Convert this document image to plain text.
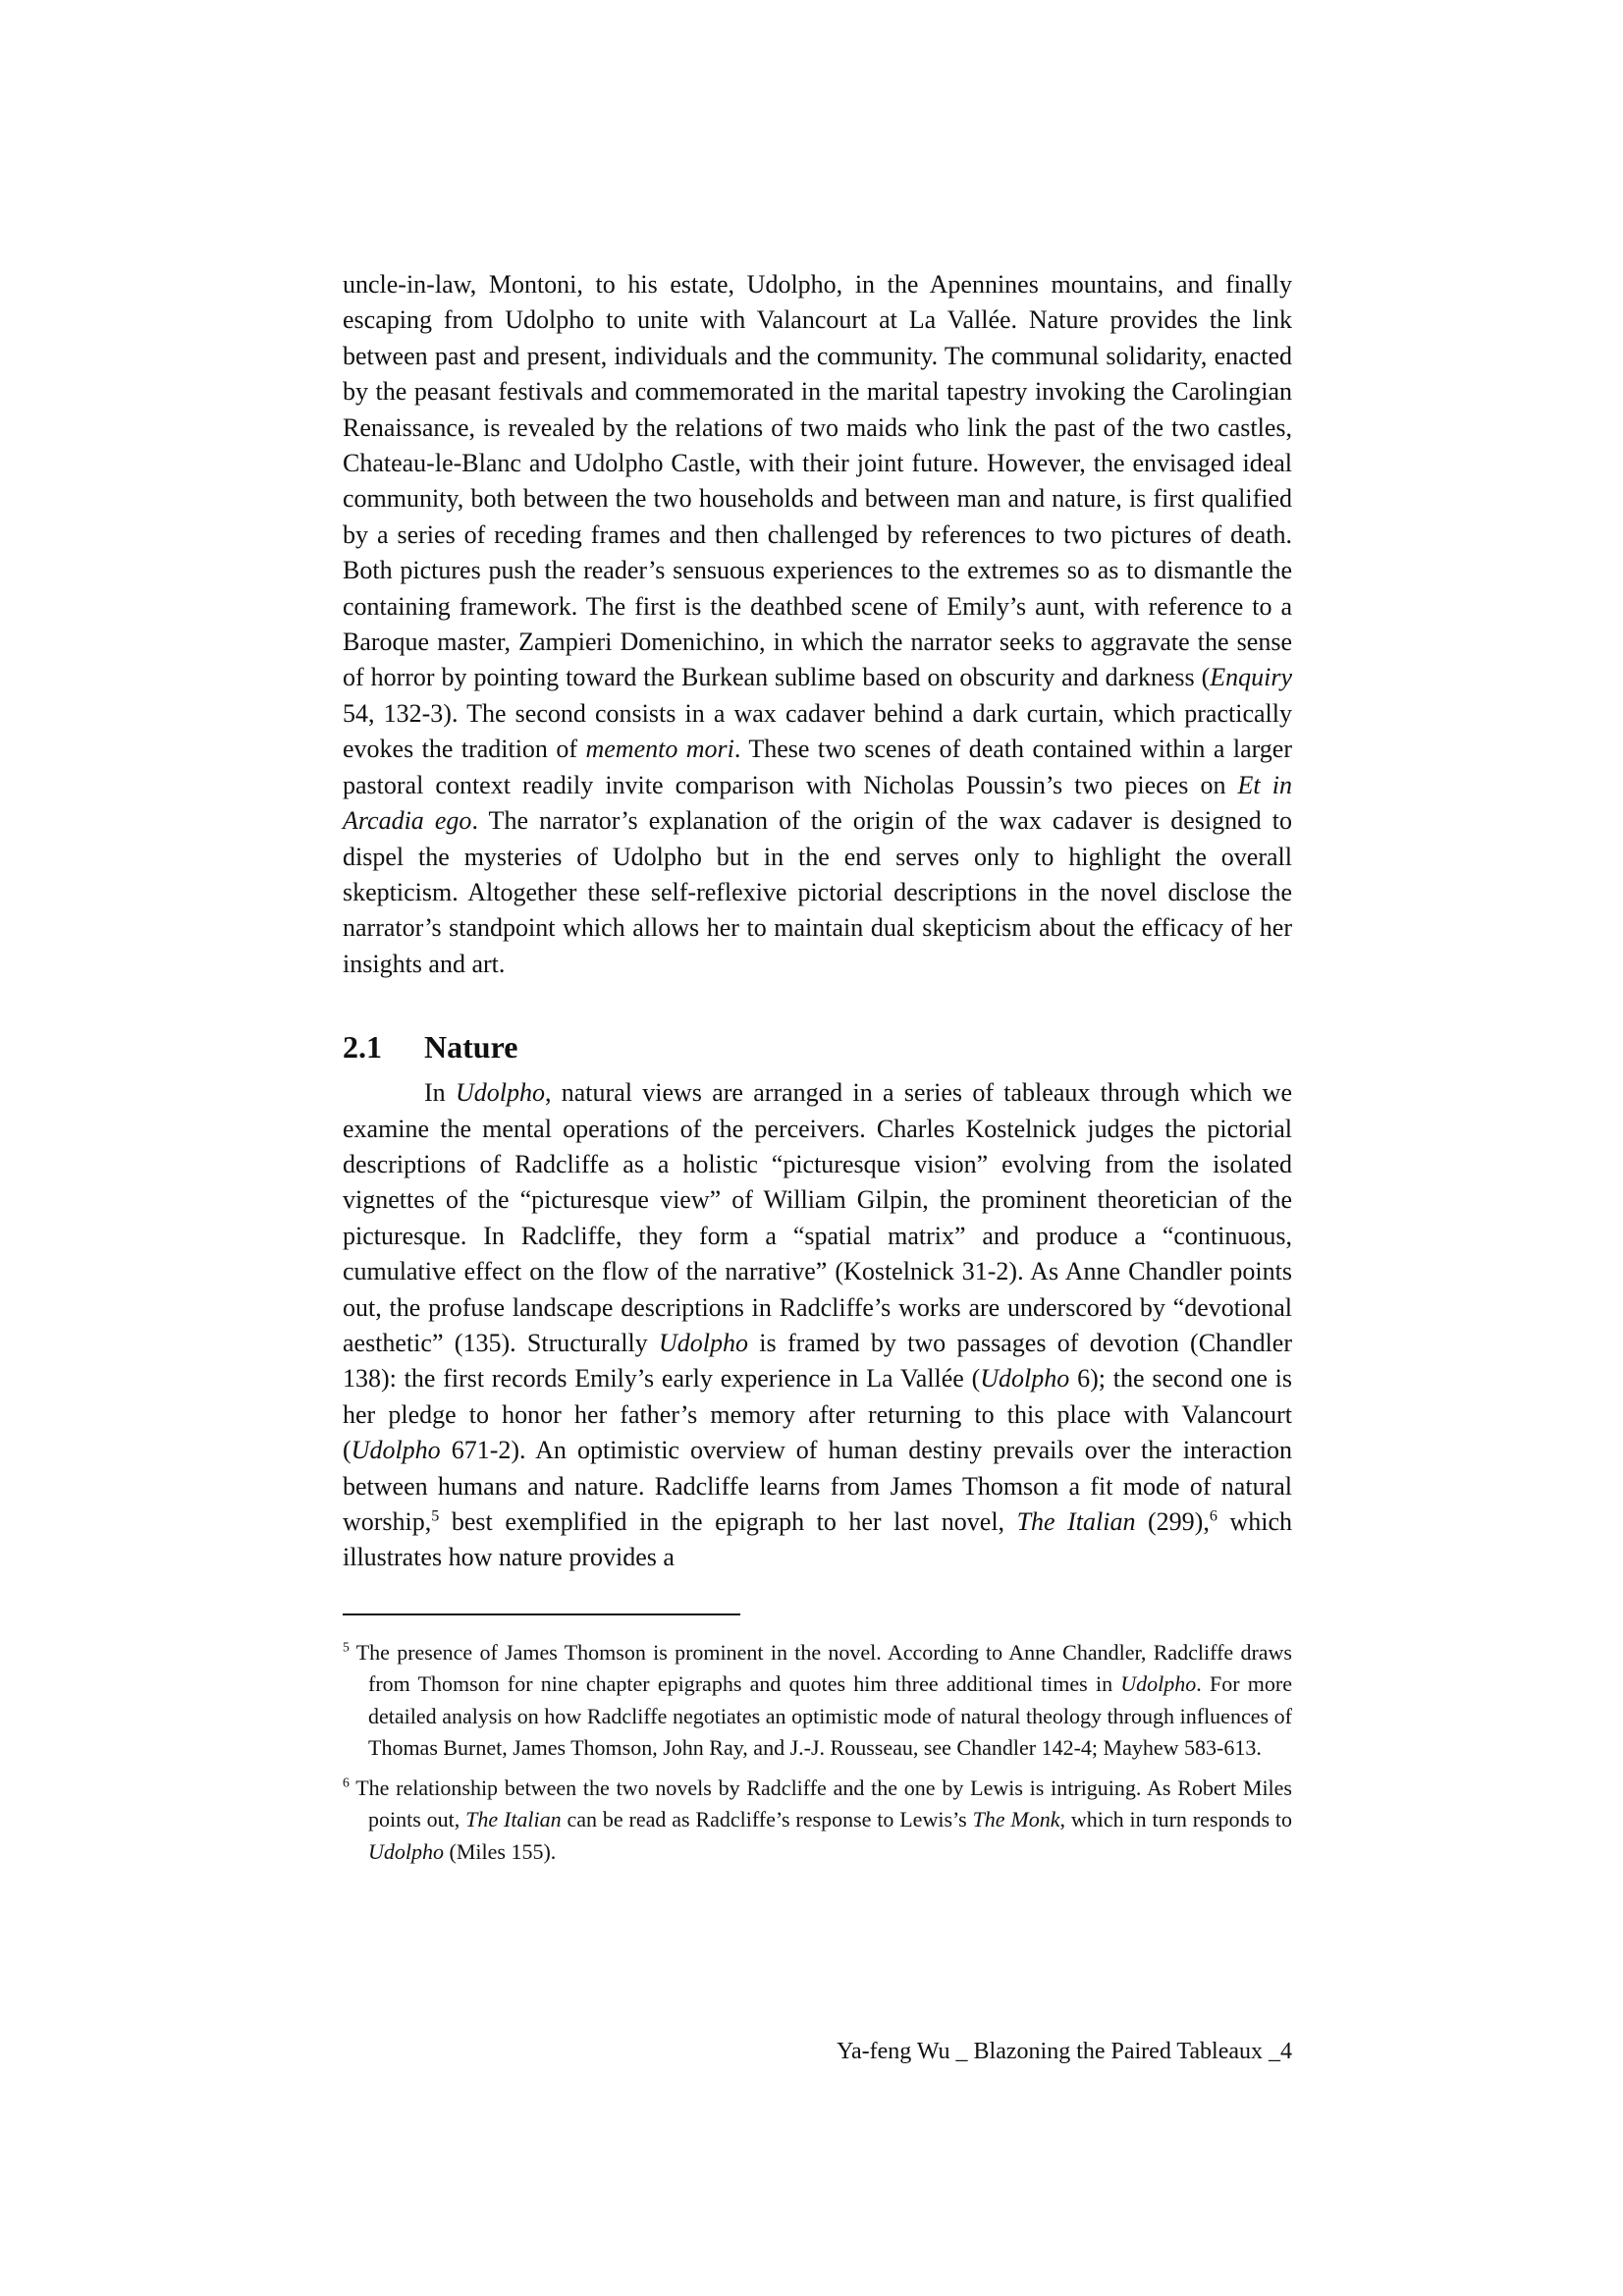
uncle-in-law, Montoni, to his estate, Udolpho, in the Apennines mountains, and finally escaping from Udolpho to unite with Valancourt at La Vallée. Nature provides the link between past and present, individuals and the community. The communal solidarity, enacted by the peasant festivals and commemorated in the marital tapestry invoking the Carolingian Renaissance, is revealed by the relations of two maids who link the past of the two castles, Chateau-le-Blanc and Udolpho Castle, with their joint future. However, the envisaged ideal community, both between the two households and between man and nature, is first qualified by a series of receding frames and then challenged by references to two pictures of death. Both pictures push the reader’s sensuous experiences to the extremes so as to dismantle the containing framework. The first is the deathbed scene of Emily’s aunt, with reference to a Baroque master, Zampieri Domenichino, in which the narrator seeks to aggravate the sense of horror by pointing toward the Burkean sublime based on obscurity and darkness (Enquiry 54, 132-3). The second consists in a wax cadaver behind a dark curtain, which practically evokes the tradition of memento mori. These two scenes of death contained within a larger pastoral context readily invite comparison with Nicholas Poussin’s two pieces on Et in Arcadia ego. The narrator’s explanation of the origin of the wax cadaver is designed to dispel the mysteries of Udolpho but in the end serves only to highlight the overall skepticism. Altogether these self-reflexive pictorial descriptions in the novel disclose the narrator’s standpoint which allows her to maintain dual skepticism about the efficacy of her insights and art.

2.1	Nature

In Udolpho, natural views are arranged in a series of tableaux through which we examine the mental operations of the perceivers. Charles Kostelnick judges the pictorial descriptions of Radcliffe as a holistic “picturesque vision” evolving from the isolated vignettes of the “picturesque view” of William Gilpin, the prominent theoretician of the picturesque. In Radcliffe, they form a “spatial matrix” and produce a “continuous, cumulative effect on the flow of the narrative” (Kostelnick 31-2). As Anne Chandler points out, the profuse landscape descriptions in Radcliffe’s works are underscored by “devotional aesthetic” (135). Structurally Udolpho is framed by two passages of devotion (Chandler 138): the first records Emily’s early experience in La Vallée (Udolpho 6); the second one is her pledge to honor her father’s memory after returning to this place with Valancourt (Udolpho 671-2). An optimistic overview of human destiny prevails over the interaction between humans and nature. Radcliffe learns from James Thomson a fit mode of natural worship,$^5$ best exemplified in the epigraph to her last novel, The Italian (299),$^6$ which illustrates how nature provides a

$^5$ The presence of James Thomson is prominent in the novel. According to Anne Chandler, Radcliffe draws from Thomson for nine chapter epigraphs and quotes him three additional times in Udolpho. For more detailed analysis on how Radcliffe negotiates an optimistic mode of natural theology through influences of Thomas Burnet, James Thomson, John Ray, and J.-J. Rousseau, see Chandler 142-4; Mayhew 583-613.

$^6$ The relationship between the two novels by Radcliffe and the one by Lewis is intriguing. As Robert Miles points out, The Italian can be read as Radcliffe’s response to Lewis’s The Monk, which in turn responds to Udolpho (Miles 155).

Ya-feng Wu _ Blazoning the Paired Tableaux _4
